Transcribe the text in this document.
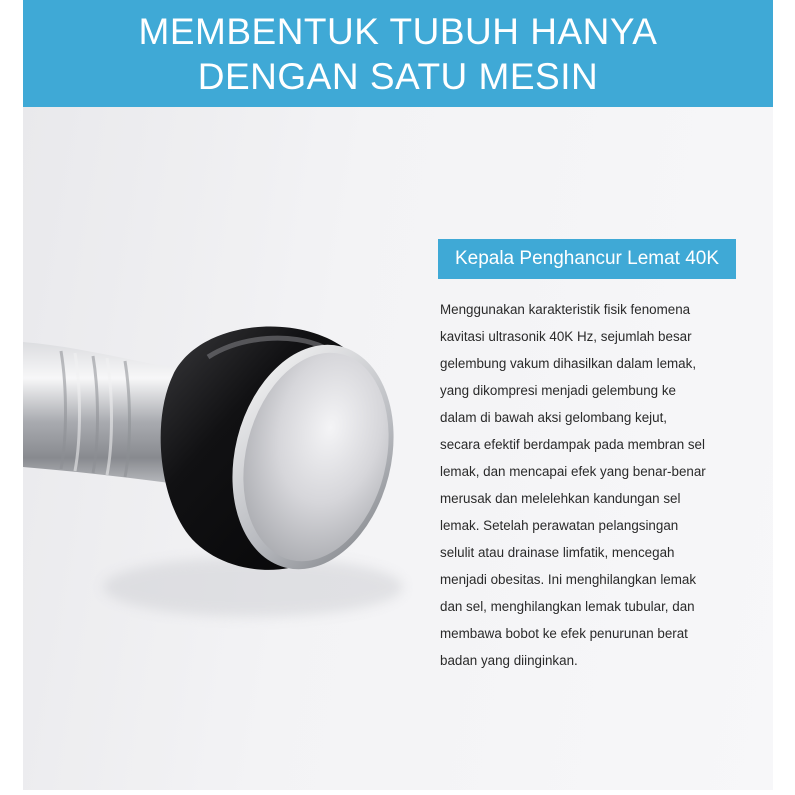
MEMBENTUK TUBUH HANYA
DENGAN SATU MESIN
Kepala Penghancur Lemat 40K
Menggunakan karakteristik fisik fenomena
kavitasi ultrasonik 40K Hz, sejumlah besar
gelembung vakum dihasilkan dalam lemak,
yang dikompresi menjadi gelembung ke
dalam di bawah aksi gelombang kejut,
secara efektif berdampak pada membran sel
lemak, dan mencapai efek yang benar-benar
merusak dan melelehkan kandungan sel
lemak. Setelah perawatan pelangsingan
selulit atau drainase limfatik, mencegah
menjadi obesitas. Ini menghilangkan lemak
dan sel, menghilangkan lemak tubular, dan
membawa bobot ke efek penurunan berat
badan yang diinginkan.
